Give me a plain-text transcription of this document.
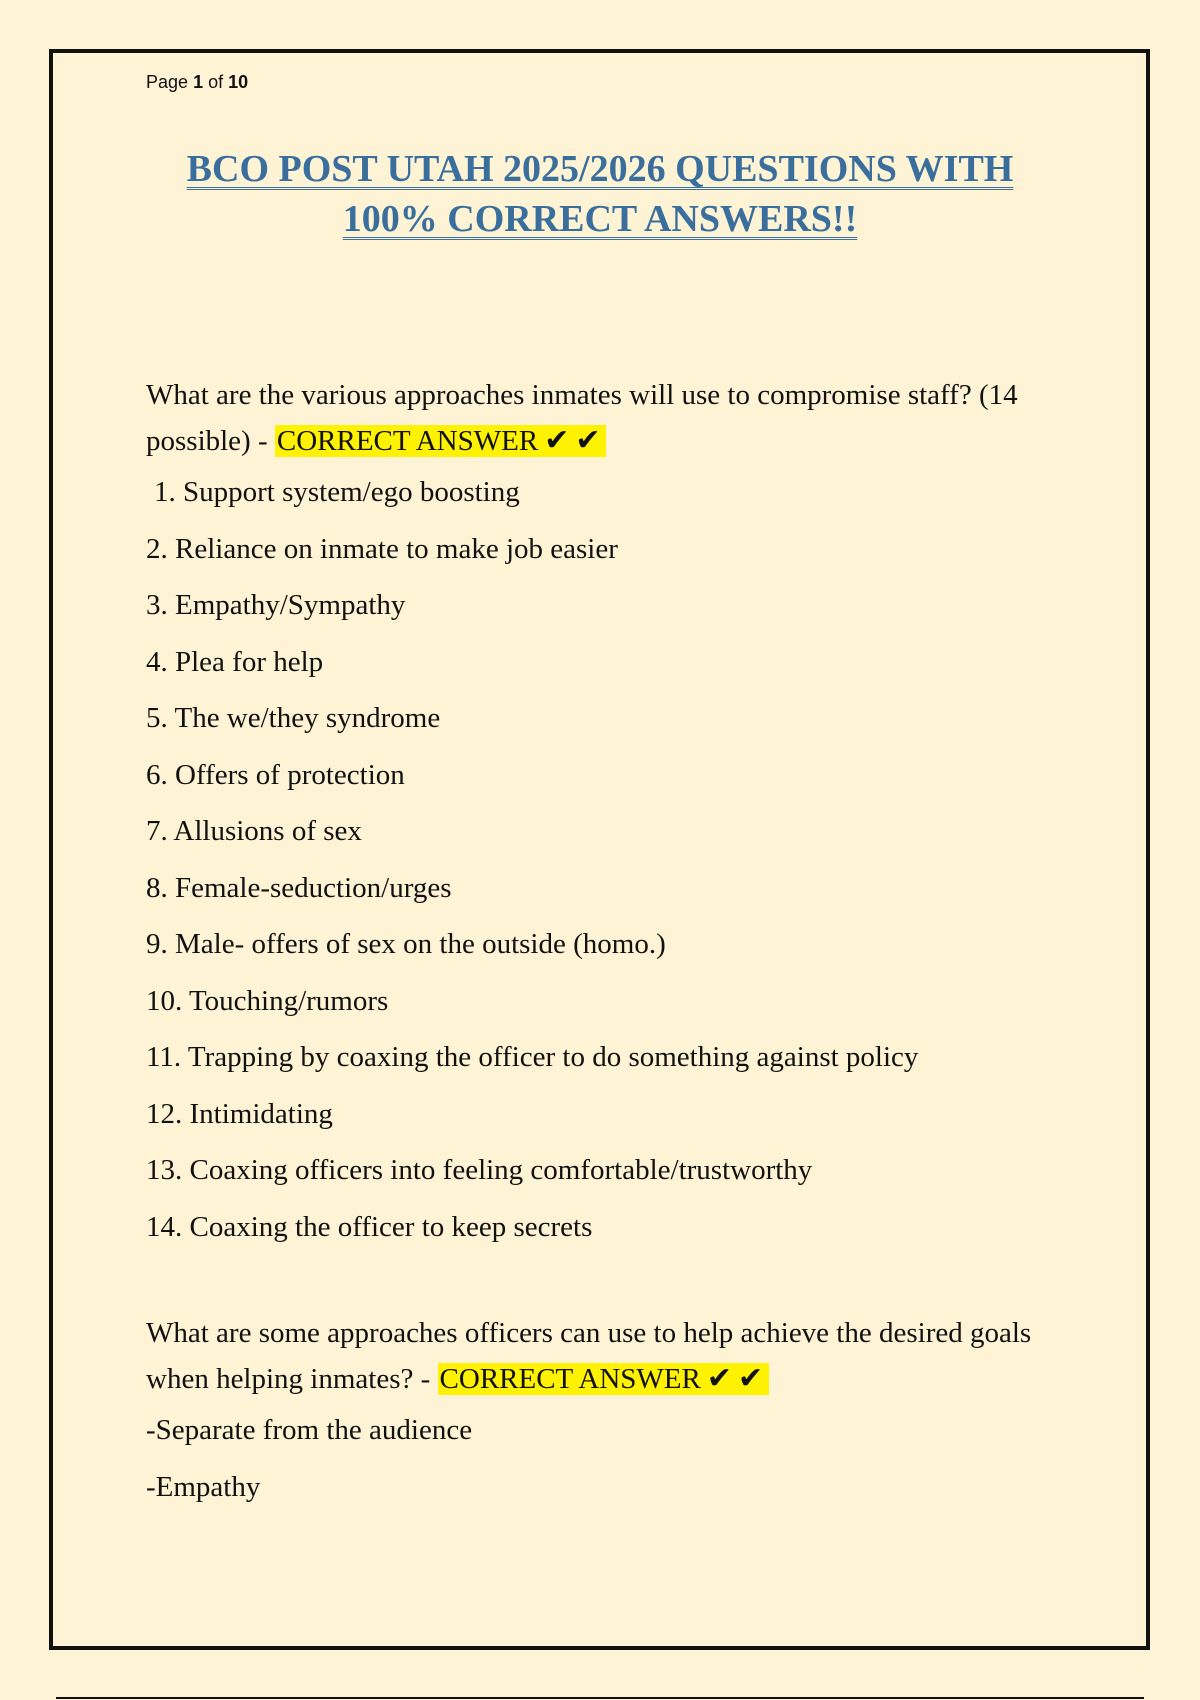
Page 1 of 10
BCO POST UTAH 2025/2026 QUESTIONS WITH
100% CORRECT ANSWERS!!

What are the various approaches inmates will use to compromise staff? (14 possible) - CORRECT ANSWER ✔ ✔

1. Support system/ego boosting
2. Reliance on inmate to make job easier
3. Empathy/Sympathy
4. Plea for help
5. The we/they syndrome
6. Offers of protection
7. Allusions of sex
8. Female-seduction/urges
9. Male- offers of sex on the outside (homo.)
10. Touching/rumors
11. Trapping by coaxing the officer to do something against policy
12. Intimidating
13. Coaxing officers into feeling comfortable/trustworthy
14. Coaxing the officer to keep secrets

What are some approaches officers can use to help achieve the desired goals when helping inmates? - CORRECT ANSWER ✔ ✔

-Separate from the audience
-Empathy
